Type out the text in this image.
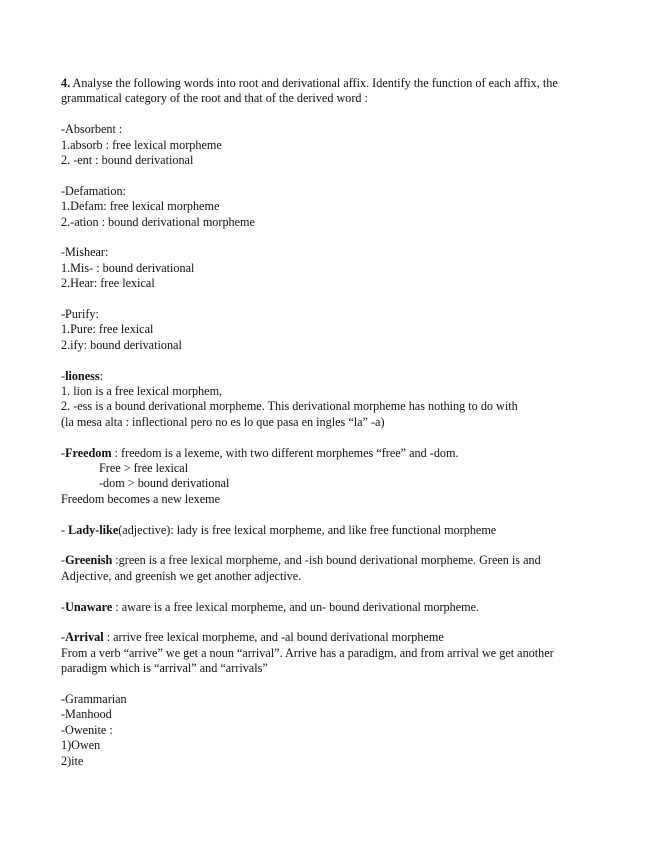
4. Analyse the following words into root and derivational affix. Identify the function of each affix, the
grammatical category of the root and that of the derived word :
-Absorbent :
1.absorb : free lexical morpheme
2. -ent : bound derivational
-Defamation:
1.Defam: free lexical morpheme
2.-ation : bound derivational morpheme
-Mishear:
1.Mis- : bound derivational
2.Hear: free lexical
-Purify:
1.Pure: free lexical
2.ify: bound derivational
-lioness:
1. lion is a free lexical morphem,
2. -ess is a bound derivational morpheme. This derivational morpheme has nothing to do with
(la mesa alta : inflectional pero no es lo que pasa en ingles “la” -a)
-Freedom : freedom is a lexeme, with two different morphemes “free” and -dom.
Free > free lexical
-dom > bound derivational
Freedom becomes a new lexeme
- Lady-like(adjective): lady is free lexical morpheme, and like free functional morpheme
-Greenish :green is a free lexical morpheme, and -ish bound derivational morpheme. Green is and
Adjective, and greenish we get another adjective.
-Unaware : aware is a free lexical morpheme, and un- bound derivational morpheme.
-Arrival : arrive free lexical morpheme, and -al bound derivational morpheme
From a verb “arrive” we get a noun “arrival”. Arrive has a paradigm, and from arrival we get another
paradigm which is “arrival” and “arrivals”
-Grammarian
-Manhood
-Owenite :
1)Owen
2)ite
